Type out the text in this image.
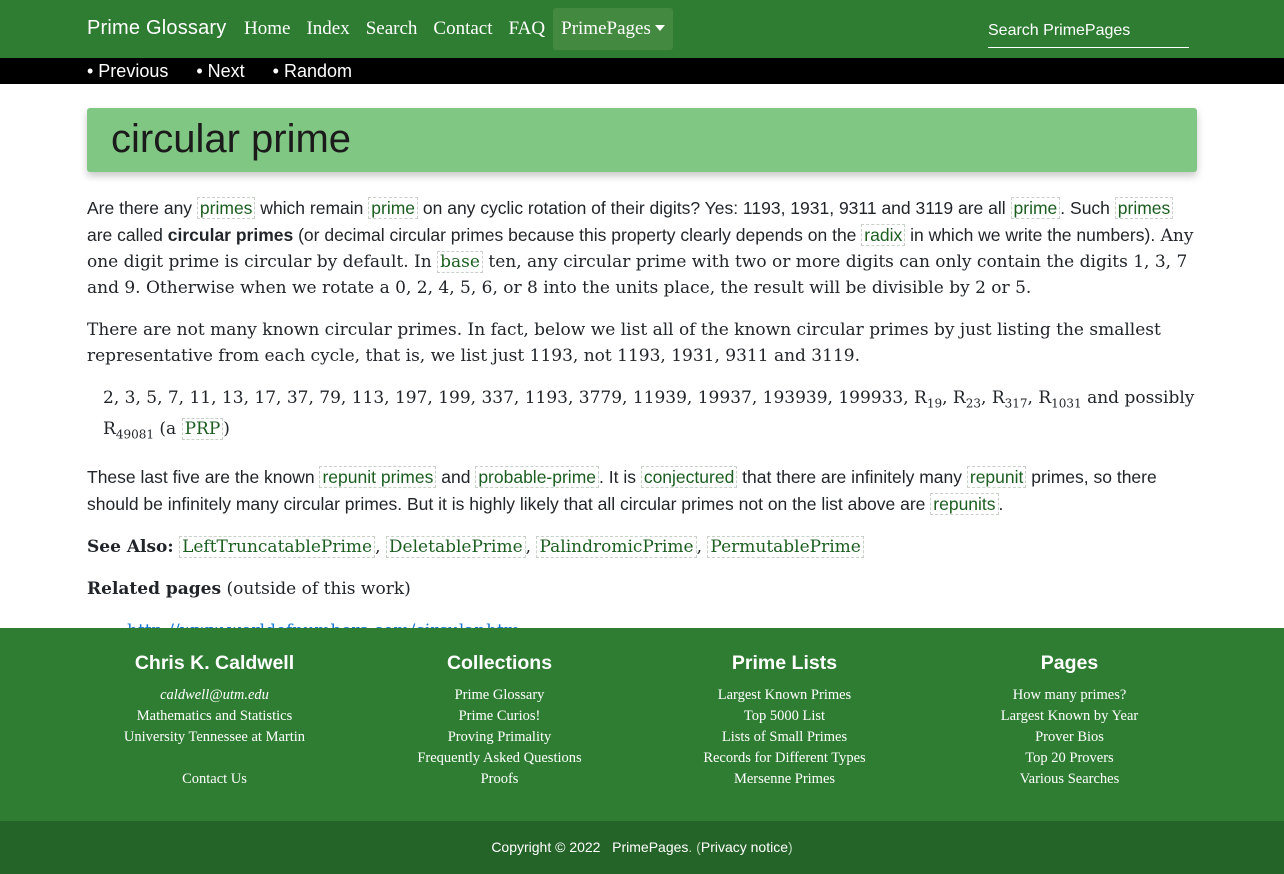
Prime Glossary Home Index Search Contact FAQ PrimePages
Search PrimePages
• Previous • Next • Random
circular prime

Are there any primes which remain prime on any cyclic rotation of their digits? Yes: 1193, 1931, 9311 and 3119 are all prime . Such primes are called circular primes (or decimal circular primes because this property clearly depends on the radix in which we write the numbers). Any one digit prime is circular by default. In base ten, any circular prime with two or more digits can only contain the digits 1, 3, 7 and 9. Otherwise when we rotate a 0, 2, 4, 5, 6, or 8 into the units place, the result will be divisible by 2 or 5.

There are not many known circular primes. In fact, below we list all of the known circular primes by just listing the smallest representative from each cycle, that is, we list just 1193, not 1193, 1931, 9311 and 3119.

2, 3, 5, 7, 11, 13, 17, 37, 79, 113, 197, 199, 337, 1193, 3779, 11939, 19937, 193939, 199933, $R_{19}$, $R_{23}$, $R_{317}$, $R_{1031}$ and possibly $R_{49081}$ (a PRP )

These last five are the known repunit primes and probable-prime . It is conjectured that there are infinitely many repunit primes, so there should be infinitely many circular primes. But it is highly likely that all circular primes not on the list above are repunits .

See Also: LeftTruncatablePrime , DeletablePrime , PalindromicPrime , PermutablePrime

Related pages (outside of this work)

•
Chris K. Caldwell
caldwell@utm.edu
Mathematics and Statistics
University Tennessee at Martin
Contact Us
Collections
Prime Glossary
Prime Curios!
Proving Primality
Frequently Asked Questions
Proofs
Prime Lists
Largest Known Primes
Top 5000 List
Lists of Small Primes
Records for Different Types
Mersenne Primes
Pages
How many primes?
Largest Known by Year
Prover Bios
Top 20 Provers
Various Searches
Copyright © 2022 PrimePages. (Privacy notice)
